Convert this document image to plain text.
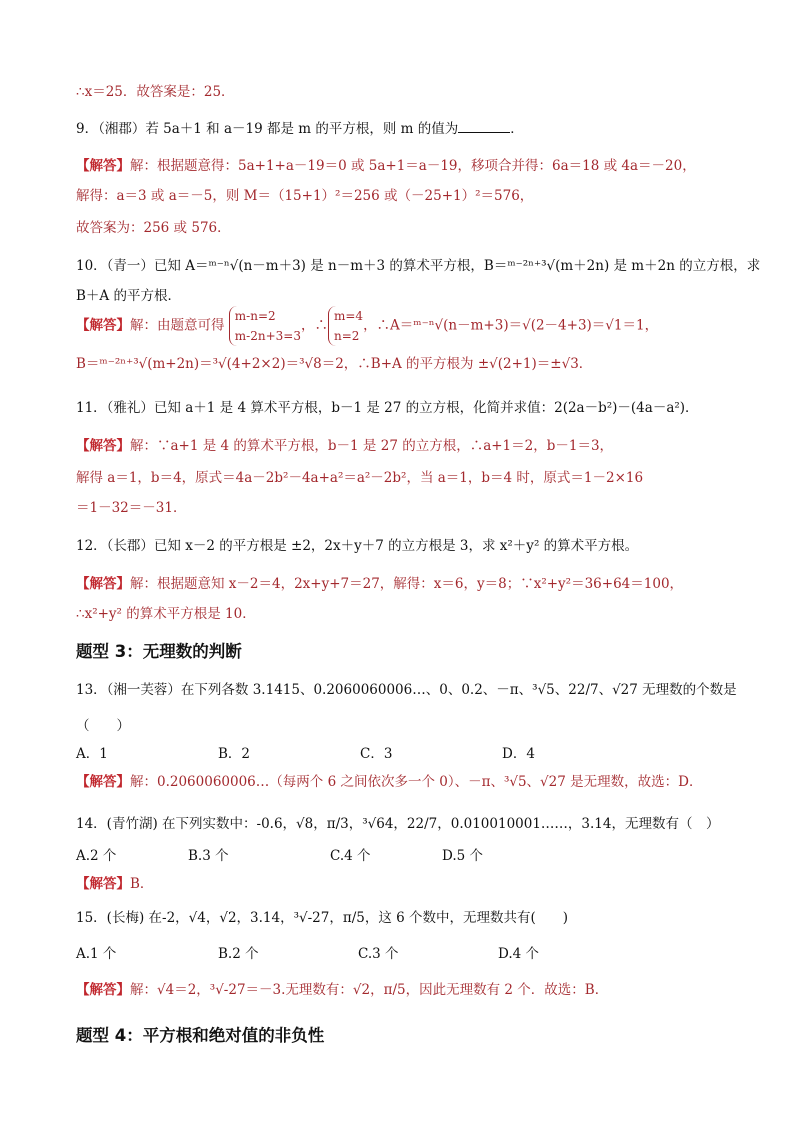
∴x＝25．故答案是：25．
9．（湘郡）若 5a＋1 和 a－19 都是 m 的平方根，则 m 的值为	．
【解答】解：根据题意得：5a+1+a－19＝0 或 5a+1＝a－19，移项合并得：6a＝18 或 4a＝－20，
解得：a＝3 或 a＝－5，则 M＝（15+1）²＝256 或（－25+1）²＝576，
故答案为：256 或 576．
10．（青一）已知 A＝ᵐ⁻ⁿ√(n－m＋3) 是 n－m＋3 的算术平方根，B＝ᵐ⁻²ⁿ⁺³√(m＋2n) 是 m＋2n 的立方根，求
B＋A 的平方根．
【解答】解：由题意可得 m-n=2
m-2n+3=3，∴m=4
n=2，∴A＝ᵐ⁻ⁿ√(n－m+3)＝√(2－4+3)＝√1＝1，
B＝ᵐ⁻²ⁿ⁺³√(m+2n)＝³√(4+2×2)＝³√8＝2，∴B+A 的平方根为 ±√(2+1)＝±√3．
11．（雅礼）已知 a＋1 是 4 算术平方根，b－1 是 27 的立方根，化简并求值：2(2a－b²)－(4a－a²)．
【解答】解：∵a+1 是 4 的算术平方根，b－1 是 27 的立方根，∴a+1＝2，b－1＝3，
解得 a＝1，b＝4，原式＝4a－2b²－4a+a²＝a²－2b²，当 a＝1，b＝4 时，原式＝1－2×16
＝1－32＝－31．
12．（长郡）已知 x－2 的平方根是 ±2，2x＋y＋7 的立方根是 3，求 x²＋y² 的算术平方根。
【解答】解：根据题意知 x－2＝4，2x+y+7＝27，解得：x＝6，y＝8；∵x²+y²＝36+64＝100，
∴x²+y² 的算术平方根是 10．
题型 3：无理数的判断
13．（湘一芙蓉）在下列各数 3.1415、0.2060060006…、0、0.2、－π、³√5、22/7、√27 无理数的个数是
（　　）
A．1	B．2	C．3	D．4
【解答】解：0.2060060006…（每两个 6 之间依次多一个 0）、－π、³√5、√27 是无理数，故选：D．
14．(青竹湖) 在下列实数中：-0.6，√8，π/3，³√64，22/7，0.010010001……，3.14，无理数有（　）
A.2 个	B.3 个	C.4 个	D.5 个
【解答】B．
15．(长梅) 在-2，√4，√2，3.14，³√-27，π/5，这 6 个数中，无理数共有(　　)
A.1 个	B.2 个	C.3 个	D.4 个
【解答】解：√4＝2，³√-27＝－3.无理数有：√2，π/5，因此无理数有 2 个．故选：B．
题型 4：平方根和绝对值的非负性
